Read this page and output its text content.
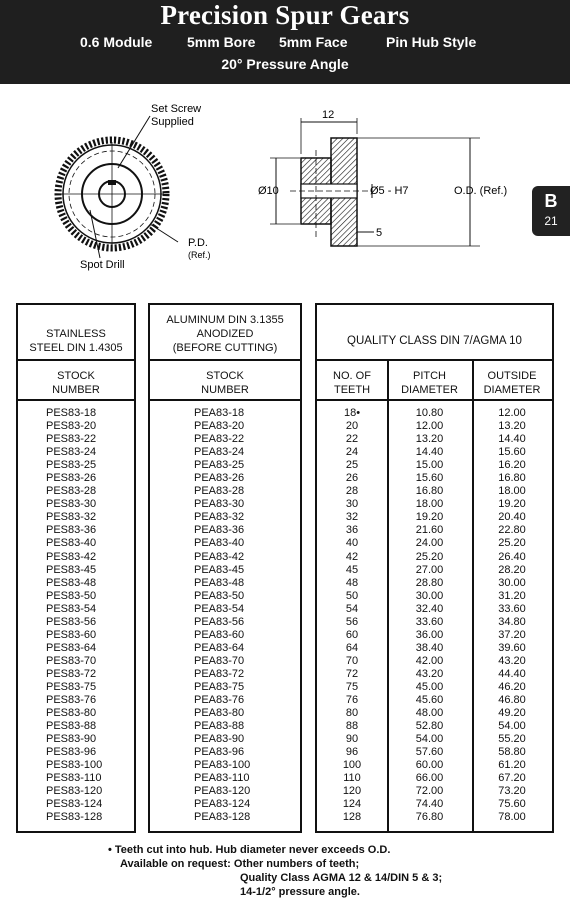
Precision Spur Gears
0.6 Module 5mm Bore 5mm Face	Pin Hub Style
20° Pressure Angle
B
21
Set Screw
Supplied
P.D.
(Ref.)
Spot Drill
12
Ø10	Ø5 - H7
5
O.D. (Ref.)
STAINLESS
STEEL DIN 1.4305
STOCK
NUMBER
PES83-18
PES83-20
PES83-22
PES83-24
PES83-25
PES83-26
PES83-28
PES83-30
PES83-32
PES83-36
PES83-40
PES83-42
PES83-45
PES83-48
PES83-50
PES83-54
PES83-56
PES83-60
PES83-64
PES83-70
PES83-72
PES83-75
PES83-76
PES83-80
PES83-88
PES83-90
PES83-96
PES83-100
PES83-110
PES83-120
PES83-124
PES83-128
ALUMINUM DIN 3.1355
ANODIZED
(BEFORE CUTTING)
STOCK
NUMBER
PEA83-18
PEA83-20
PEA83-22
PEA83-24
PEA83-25
PEA83-26
PEA83-28
PEA83-30
PEA83-32
PEA83-36
PEA83-40
PEA83-42
PEA83-45
PEA83-48
PEA83-50
PEA83-54
PEA83-56
PEA83-60
PEA83-64
PEA83-70
PEA83-72
PEA83-75
PEA83-76
PEA83-80
PEA83-88
PEA83-90
PEA83-96
PEA83-100
PEA83-110
PEA83-120
PEA83-124
PEA83-128
QUALITY CLASS DIN 7/AGMA 10
NO. OF
TEETH
PITCH
DIAMETER
OUTSIDE
DIAMETER
18•
20
22
24
25
26
28
30
32
36
40
42
45
48
50
54
56
60
64
70
72
75
76
80
88
90
96
100
110
120
124
128
10.80
12.00
13.20
14.40
15.00
15.60
16.80
18.00
19.20
21.60
24.00
25.20
27.00
28.80
30.00
32.40
33.60
36.00
38.40
42.00
43.20
45.00
45.60
48.00
52.80
54.00
57.60
60.00
66.00
72.00
74.40
76.80
12.00
13.20
14.40
15.60
16.20
16.80
18.00
19.20
20.40
22.80
25.20
26.40
28.20
30.00
31.20
33.60
34.80
37.20
39.60
43.20
44.40
46.20
46.80
49.20
54.00
55.20
58.80
61.20
67.20
73.20
75.60
78.00
• Teeth cut into hub. Hub diameter never exceeds O.D.
Available on request: Other numbers of teeth;
Quality Class AGMA 12 & 14/DIN 5 & 3;
14-1/2° pressure angle.
